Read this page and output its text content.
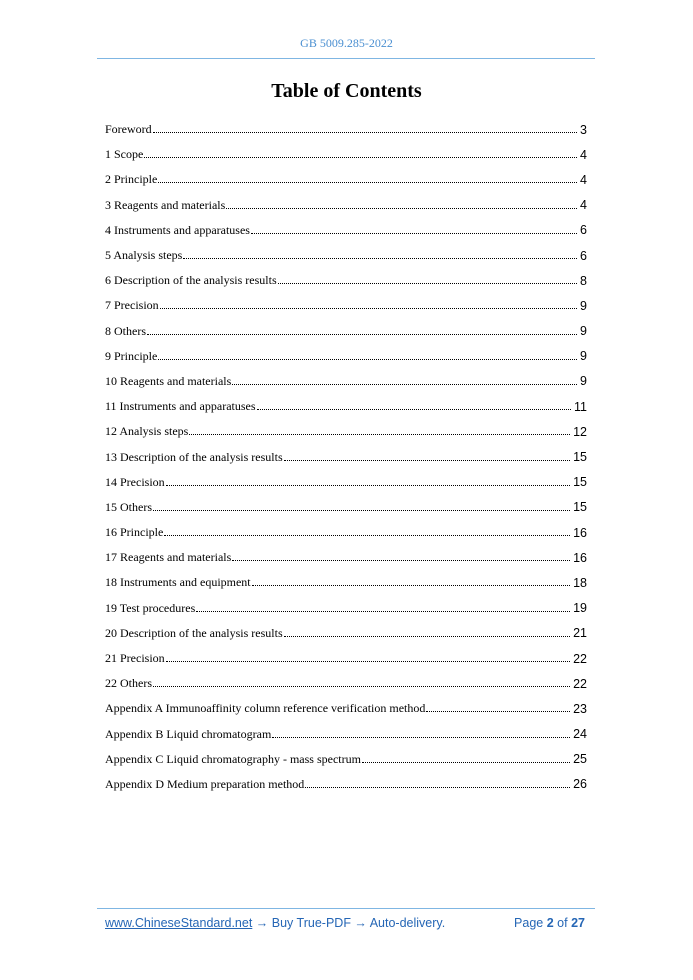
GB 5009.285-2022
Table of Contents
Foreword	3
1 Scope	4
2 Principle	4
3 Reagents and materials	4
4 Instruments and apparatuses	6
5 Analysis steps	6
6 Description of the analysis results	8
7 Precision	9
8 Others	9
9 Principle	9
10 Reagents and materials	9
11 Instruments and apparatuses	11
12 Analysis steps	12
13 Description of the analysis results	15
14 Precision	15
15 Others	15
16 Principle	16
17 Reagents and materials	16
18 Instruments and equipment	18
19 Test procedures	19
20 Description of the analysis results	21
21 Precision	22
22 Others	22
Appendix A Immunoaffinity column reference verification method	23
Appendix B Liquid chromatogram	24
Appendix C Liquid chromatography - mass spectrum	25
Appendix D Medium preparation method	26
www.ChineseStandard.net → Buy True-PDF → Auto-delivery.	Page 2 of 27
